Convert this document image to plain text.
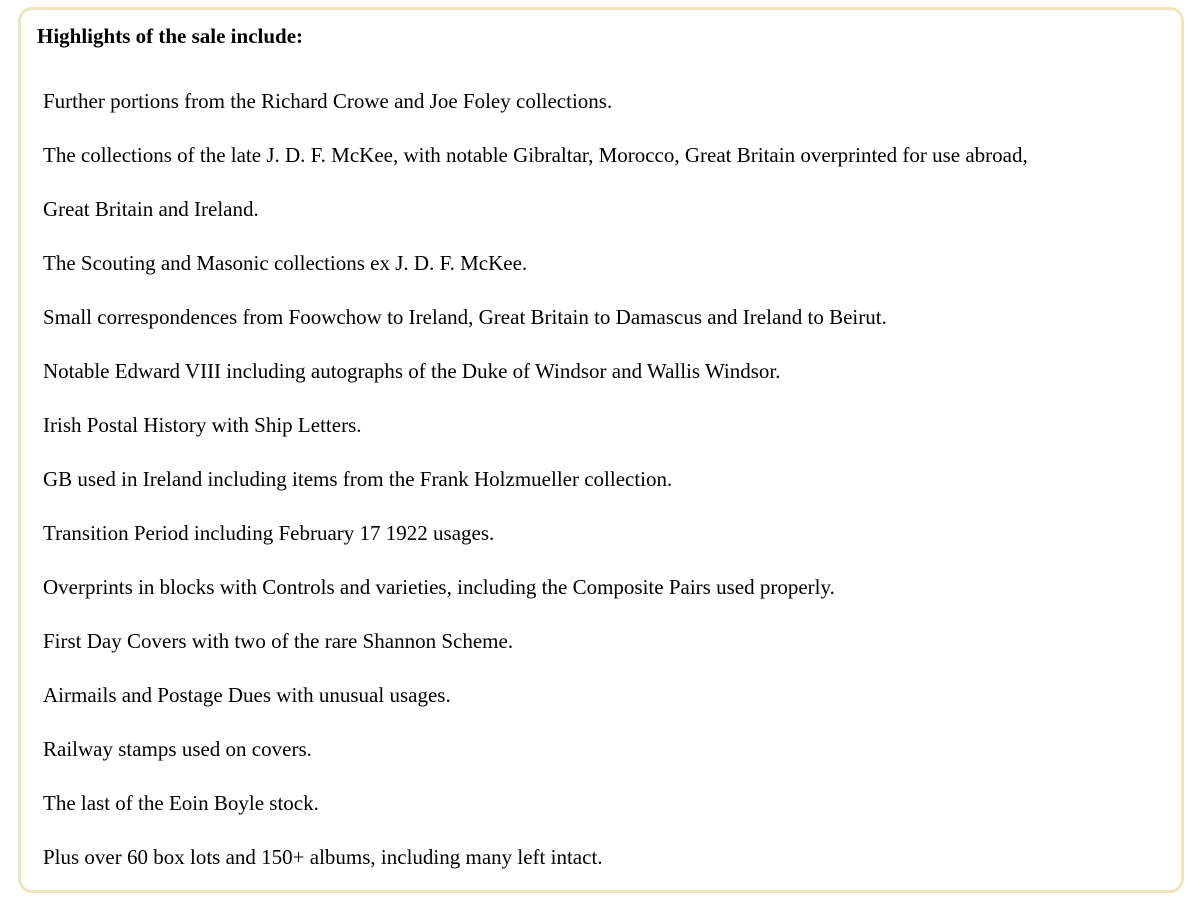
Highlights of the sale include:
Further portions from the Richard Crowe and Joe Foley collections.
The collections of the late J. D. F. McKee, with notable Gibraltar, Morocco, Great Britain overprinted for use abroad,
Great Britain and Ireland.
The Scouting and Masonic collections ex J. D. F. McKee.
Small correspondences from Foowchow to Ireland, Great Britain to Damascus and Ireland to Beirut.
Notable Edward VIII including autographs of the Duke of Windsor and Wallis Windsor.
Irish Postal History with Ship Letters.
GB used in Ireland including items from the Frank Holzmueller collection.
Transition Period including February 17 1922 usages.
Overprints in blocks with Controls and varieties, including the Composite Pairs used properly.
First Day Covers with two of the rare Shannon Scheme.
Airmails and Postage Dues with unusual usages.
Railway stamps used on covers.
The last of the Eoin Boyle stock.
Plus over 60 box lots and 150+ albums, including many left intact.
